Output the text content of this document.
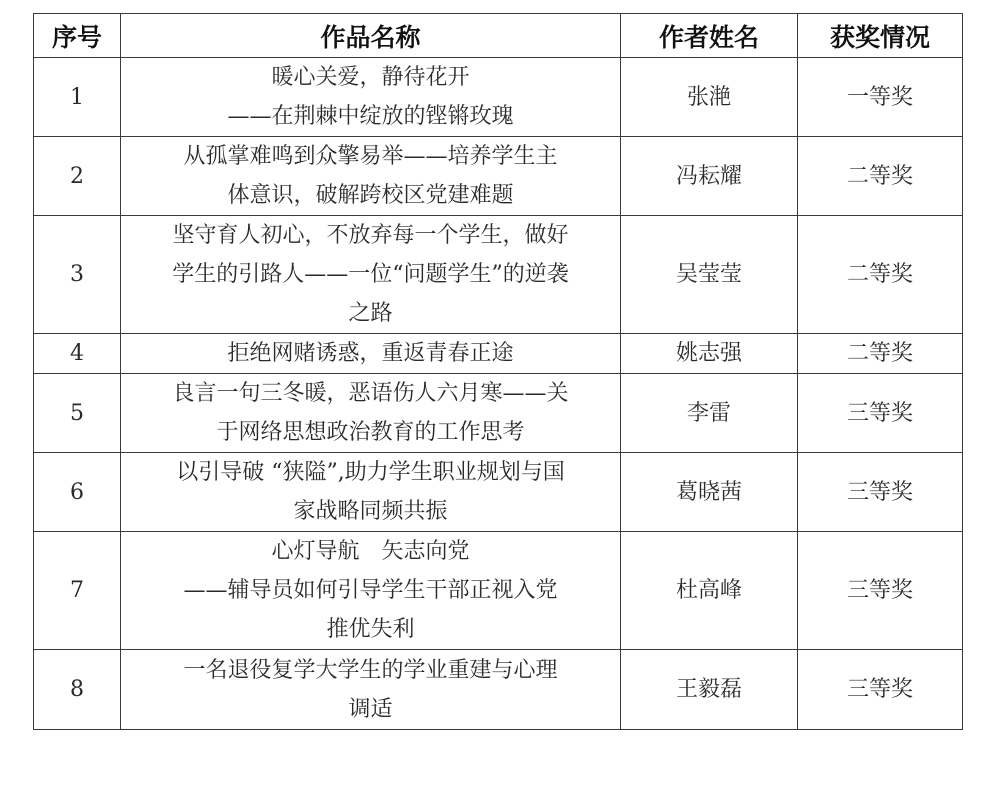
序号	作品名称	作者姓名	获奖情况
1	暖心关爱，静待花开
——在荆棘中绽放的铿锵玫瑰	张滟	一等奖
2	从孤掌难鸣到众擎易举——培养学生主
体意识，破解跨校区党建难题	冯耘耀	二等奖
3	坚守育人初心，不放弃每一个学生，做好
学生的引路人——一位“问题学生”的逆袭
之路	吴莹莹	二等奖
4	拒绝网赌诱惑，重返青春正途	姚志强	二等奖
5	良言一句三冬暖，恶语伤人六月寒——关
于网络思想政治教育的工作思考	李雷	三等奖
6	以引导破 “狭隘”,助力学生职业规划与国
家战略同频共振	葛晓茜	三等奖
7	心灯导航　矢志向党
——辅导员如何引导学生干部正视入党
推优失利	杜高峰	三等奖
8	一名退役复学大学生的学业重建与心理
调适	王毅磊	三等奖
